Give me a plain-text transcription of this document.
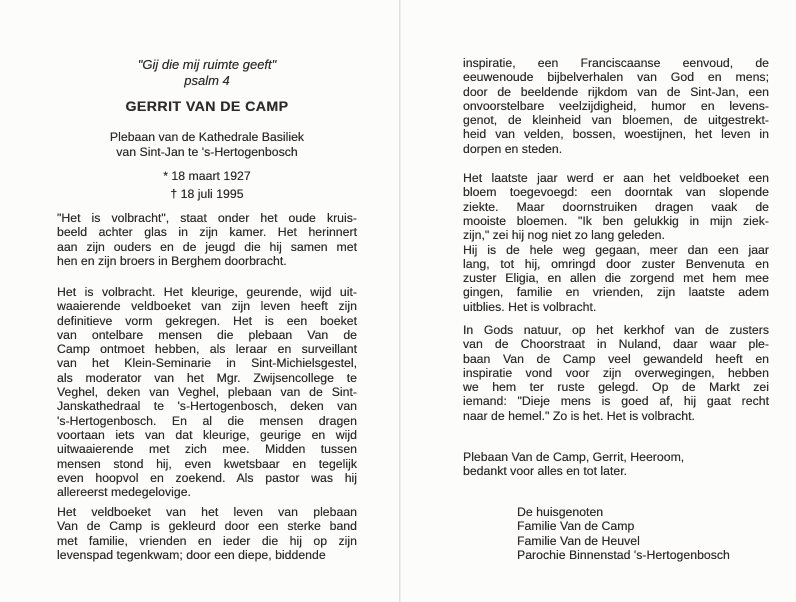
"Gij die mij ruimte geeft"
psalm 4
GERRIT VAN DE CAMP
Plebaan van de Kathedrale Basiliek
van Sint-Jan te 's-Hertogenbosch
* 18 maart 1927
† 18 juli 1995
"Het is volbracht", staat onder het oude kruis-
beeld achter glas in zijn kamer. Het herinnert
aan zijn ouders en de jeugd die hij samen met
hen en zijn broers in Berghem doorbracht.
Het is volbracht. Het kleurige, geurende, wijd uit-
waaierende veldboeket van zijn leven heeft zijn
definitieve vorm gekregen. Het is een boeket
van ontelbare mensen die plebaan Van de
Camp ontmoet hebben, als leraar en surveillant
van het Klein-Seminarie in Sint-Michielsgestel,
als moderator van het Mgr. Zwijsencollege te
Veghel, deken van Veghel, plebaan van de Sint-
Janskathedraal te 's-Hertogenbosch, deken van
's-Hertogenbosch. En al die mensen dragen
voortaan iets van dat kleurige, geurige en wijd
uitwaaierende met zich mee. Midden tussen
mensen stond hij, even kwetsbaar en tegelijk
even hoopvol en zoekend. Als pastor was hij
allereerst medegelovige.
Het veldboeket van het leven van plebaan
Van de Camp is gekleurd door een sterke band
met familie, vrienden en ieder die hij op zijn
levenspad tegenkwam; door een diepe, biddende
inspiratie, een Franciscaanse eenvoud, de
eeuwenoude bijbelverhalen van God en mens;
door de beeldende rijkdom van de Sint-Jan, een
onvoorstelbare veelzijdigheid, humor en levens-
genot, de kleinheid van bloemen, de uitgestrekt-
heid van velden, bossen, woestijnen, het leven in
dorpen en steden.
Het laatste jaar werd er aan het veldboeket een
bloem toegevoegd: een doorntak van slopende
ziekte. Maar doornstruiken dragen vaak de
mooiste bloemen. "Ik ben gelukkig in mijn ziek-
zijn," zei hij nog niet zo lang geleden.
Hij is de hele weg gegaan, meer dan een jaar
lang, tot hij, omringd door zuster Benvenuta en
zuster Eligia, en allen die zorgend met hem mee
gingen, familie en vrienden, zijn laatste adem
uitblies. Het is volbracht.
In Gods natuur, op het kerkhof van de zusters
van de Choorstraat in Nuland, daar waar ple-
baan Van de Camp veel gewandeld heeft en
inspiratie vond voor zijn overwegingen, hebben
we hem ter ruste gelegd. Op de Markt zei
iemand: "Dieje mens is goed af, hij gaat recht
naar de hemel." Zo is het. Het is volbracht.
Plebaan Van de Camp, Gerrit, Heeroom,
bedankt voor alles en tot later.
De huisgenoten
Familie Van de Camp
Familie Van de Heuvel
Parochie Binnenstad 's-Hertogenbosch
